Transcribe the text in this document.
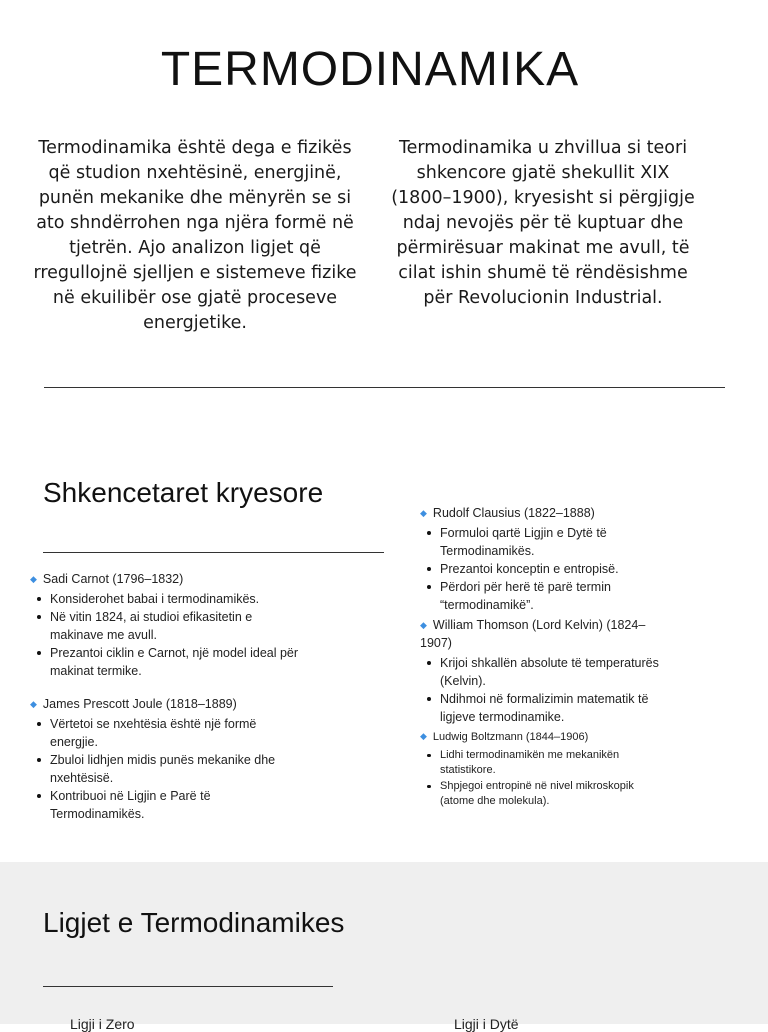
TERMODINAMIKA
Termodinamika është dega e fizikës që studion nxehtësinë, energjinë, punën mekanike dhe mënyrën se si ato shndërrohen nga njëra formë në tjetrën. Ajo analizon ligjet që rregullojnë sjelljen e sistemeve fizike në ekuilibër ose gjatë proceseve energjetike.
Termodinamika u zhvillua si teori shkencore gjatë shekullit XIX (1800–1900), kryesisht si përgjigje ndaj nevojës për të kuptuar dhe përmirësuar makinat me avull, të cilat ishin shumë të rëndësishme për Revolucionin Industrial.
Shkencetaret kryesore
◆ Sadi Carnot (1796–1832)
Konsiderohet babai i termodinamikës.
Në vitin 1824, ai studioi efikasitetin e makinave me avull.
Prezantoi ciklin e Carnot, një model ideal për makinat termike.
◆ James Prescott Joule (1818–1889)
Vërtetoi se nxehtësia është një formë energjie.
Zbuloi lidhjen midis punës mekanike dhe nxehtësisë.
Kontribuoi në Ligjin e Parë të Termodinamikës.
◆ Rudolf Clausius (1822–1888)
Formuloi qartë Ligjin e Dytë të Termodinamikës.
Prezantoi konceptin e entropisë.
Përdori për herë të parë termin “termodinamikë”.
◆ William Thomson (Lord Kelvin) (1824–1907)
Krijoi shkallën absolute të temperaturës (Kelvin).
Ndihmoi në formalizimin matematik të ligjeve termodinamike.
◆ Ludwig Boltzmann (1844–1906)
Lidhi termodinamikën me mekanikën statistikore.
Shpjegoi entropinë në nivel mikroskopik (atome dhe molekula).
Ligjet e Termodinamikes
Ligji i Zero	Ligji i Dytë
